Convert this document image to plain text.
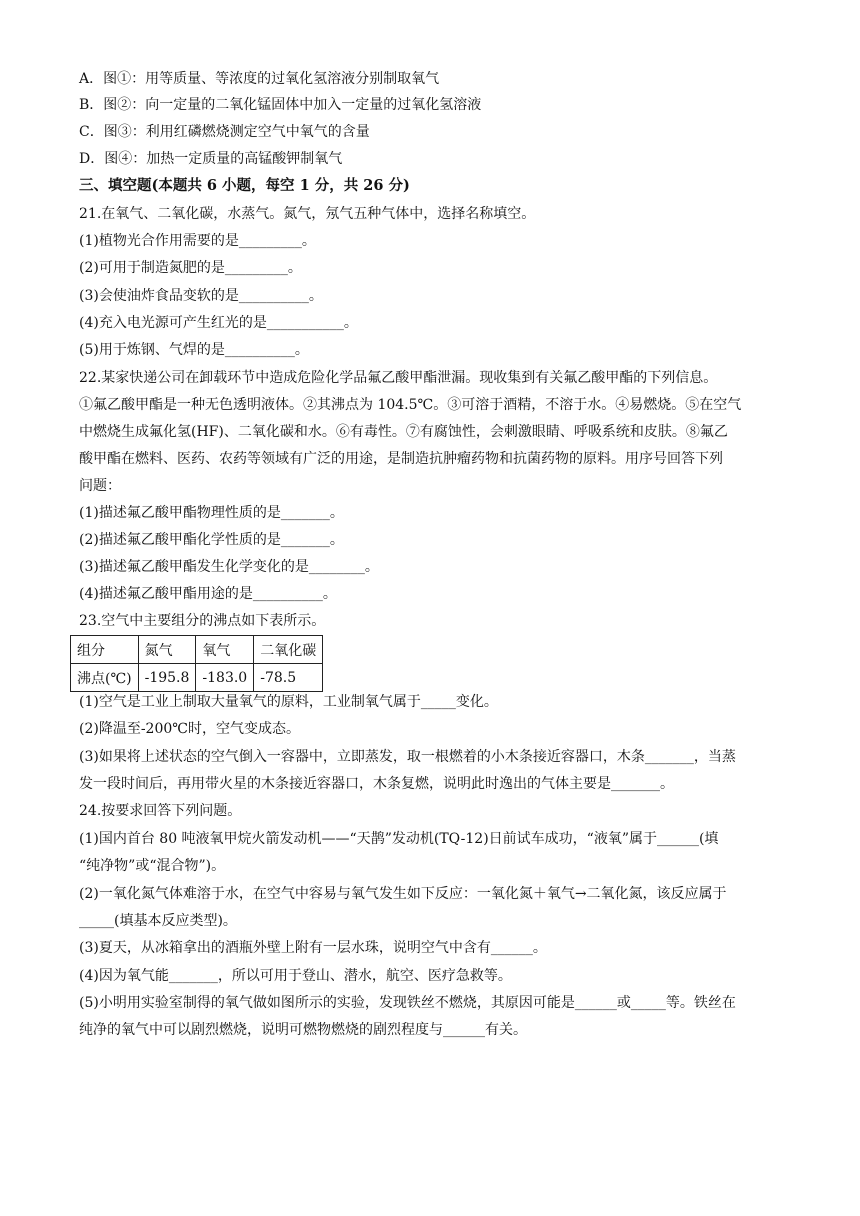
A．图①：用等质量、等浓度的过氧化氢溶液分别制取氧气
B．图②：向一定量的二氧化锰固体中加入一定量的过氧化氢溶液
C．图③：利用红磷燃烧测定空气中氧气的含量
D．图④：加热一定质量的高锰酸钾制氧气
三、填空题(本题共 6 小题，每空 1 分，共 26 分)
21.在氧气、二氧化碳，水蒸气。氮气，氖气五种气体中，选择名称填空。
(1)植物光合作用需要的是_________。
(2)可用于制造氮肥的是_________。
(3)会使油炸食品变软的是__________。
(4)充入电光源可产生红光的是___________。
(5)用于炼钢、气焊的是__________。
22.某家快递公司在卸载环节中造成危险化学品氟乙酸甲酯泄漏。现收集到有关氟乙酸甲酯的下列信息。
①氟乙酸甲酯是一种无色透明液体。②其沸点为 104.5℃。③可溶于酒精，不溶于水。④易燃烧。⑤在空气
中燃烧生成氟化氢(HF)、二氧化碳和水。⑥有毒性。⑦有腐蚀性，会刺激眼睛、呼吸系统和皮肤。⑧氟乙
酸甲酯在燃料、医药、农药等领域有广泛的用途，是制造抗肿瘤药物和抗菌药物的原料。用序号回答下列
问题：
(1)描述氟乙酸甲酯物理性质的是_______。
(2)描述氟乙酸甲酯化学性质的是_______。
(3)描述氟乙酸甲酯发生化学变化的是________。
(4)描述氟乙酸甲酯用途的是__________。
23.空气中主要组分的沸点如下表所示。
组分	氮气	氧气	二氧化碳
沸点(℃)	-195.8	-183.0	-78.5
(1)空气是工业上制取大量氧气的原料，工业制氧气属于_____变化。
(2)降温至-200℃时，空气变成态。
(3)如果将上述状态的空气倒入一容器中，立即蒸发，取一根燃着的小木条接近容器口，木条_______，当蒸
发一段时间后，再用带火星的木条接近容器口，木条复燃，说明此时逸出的气体主要是_______。
24.按要求回答下列问题。
(1)国内首台 80 吨液氧甲烷火箭发动机——“天鹊”发动机(TQ-12)日前试车成功，“液氧”属于______(填
“纯净物”或“混合物”)。
(2)一氧化氮气体难溶于水，在空气中容易与氧气发生如下反应：一氧化氮＋氧气→二氧化氮，该反应属于
_____(填基本反应类型)。
(3)夏天，从冰箱拿出的酒瓶外壁上附有一层水珠，说明空气中含有______。
(4)因为氧气能_______，所以可用于登山、潜水，航空、医疗急救等。
(5)小明用实验室制得的氧气做如图所示的实验，发现铁丝不燃烧，其原因可能是______或_____等。铁丝在
纯净的氧气中可以剧烈燃烧，说明可燃物燃烧的剧烈程度与______有关。
